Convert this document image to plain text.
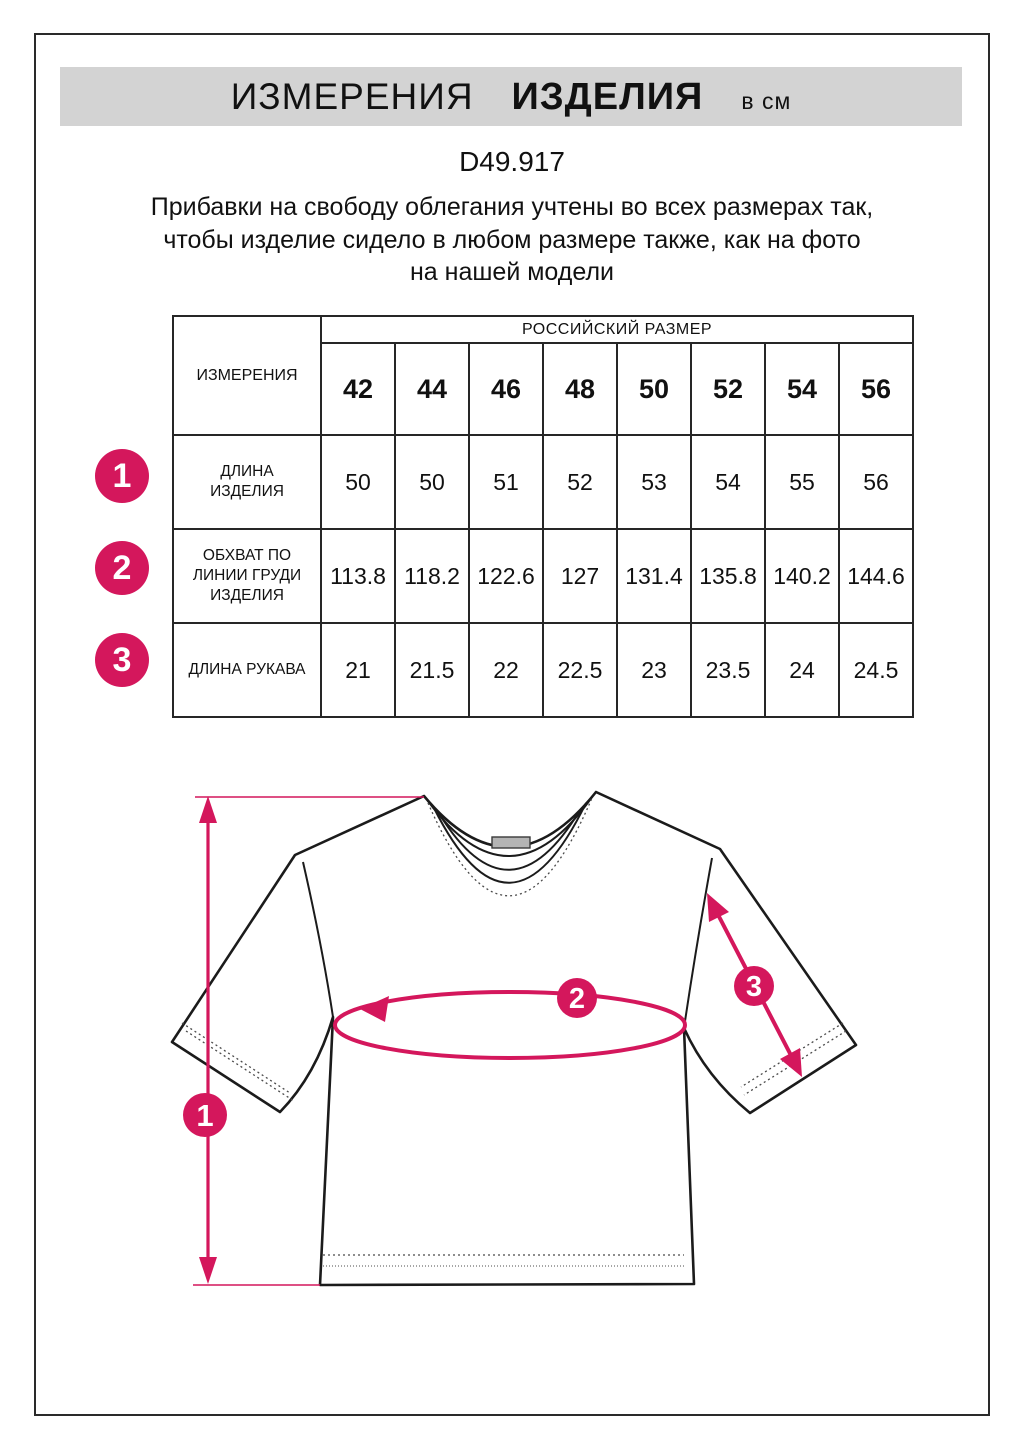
ИЗМЕРЕНИЯ ИЗДЕЛИЯ в см
D49.917
Прибавки на свободу облегания учтены во всех размерах так,
чтобы изделие сидело в любом размере также, как на фото
на нашей модели
ИЗМЕРЕНИЯ	РОССИЙСКИЙ РАЗМЕР							
	42	44	46	48	50	52	54	56
ДЛИНА ИЗДЕЛИЯ	50	50	51	52	53	54	55	56
ОБХВАТ ПО ЛИНИИ ГРУДИ ИЗДЕЛИЯ	113.8	118.2	122.6	127	131.4	135.8	140.2	144.6
ДЛИНА РУКАВА	21	21.5	22	22.5	23	23.5	24	24.5
1
2
3
1
2	3
